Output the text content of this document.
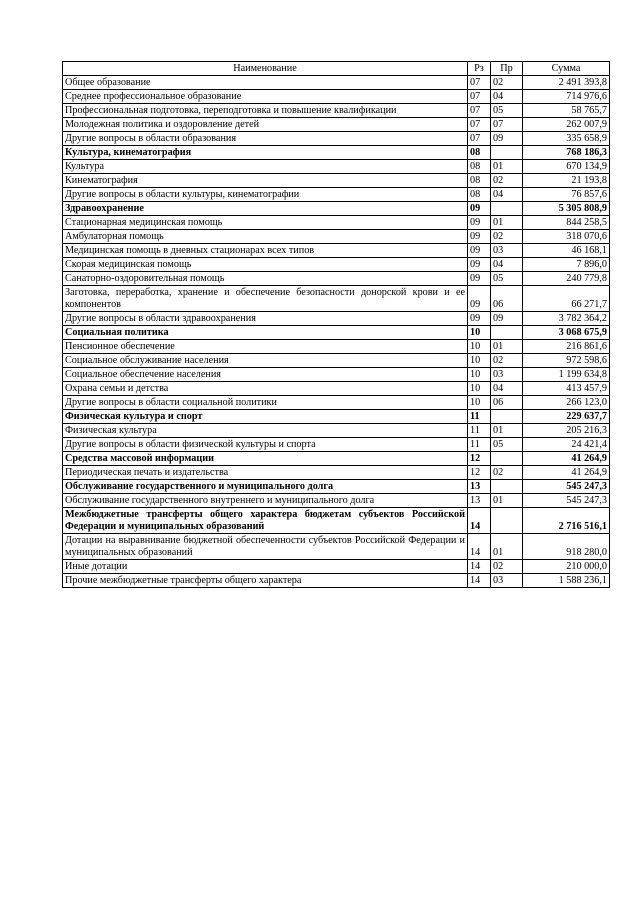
Наименование	Рз	Пр	Сумма
Общее образование	07	02	2 491 393,8
Среднее профессиональное образование	07	04	714 976,6
Профессиональная подготовка, переподготовка и повышение квалификации	07	05	58 765,7
Молодежная политика и оздоровление детей	07	07	262 007,9
Другие вопросы в области образования	07	09	335 658,9
Культура, кинематография	08		768 186,3
Культура	08	01	670 134,9
Кинематография	08	02	21 193,8
Другие вопросы в области культуры, кинематографии	08	04	76 857,6
Здравоохранение	09		5 305 808,9
Стационарная медицинская помощь	09	01	844 258,5
Амбулаторная помощь	09	02	318 070,6
Медицинская помощь в дневных стационарах всех типов	09	03	46 168,1
Скорая медицинская помощь	09	04	7 896,0
Санаторно-оздоровительная помощь	09	05	240 779,8
Заготовка, переработка, хранение и обеспечение безопасности донорской крови и ее компонентов	09	06	66 271,7
Другие вопросы в области здравоохранения	09	09	3 782 364,2
Социальная политика	10		3 068 675,9
Пенсионное обеспечение	10	01	216 861,6
Социальное обслуживание населения	10	02	972 598,6
Социальное обеспечение населения	10	03	1 199 634,8
Охрана семьи и детства	10	04	413 457,9
Другие вопросы в области социальной политики	10	06	266 123,0
Физическая культура и спорт	11		229 637,7
Физическая культура	11	01	205 216,3
Другие вопросы в области физической культуры и спорта	11	05	24 421,4
Средства массовой информации	12		41 264,9
Периодическая печать и издательства	12	02	41 264,9
Обслуживание государственного и муниципального долга	13		545 247,3
Обслуживание государственного внутреннего и муниципального долга	13	01	545 247,3
Межбюджетные трансферты общего характера бюджетам субъектов Российской Федерации и муниципальных образований	14		2 716 516,1
Дотации на выравнивание бюджетной обеспеченности субъектов Российской Федерации и муниципальных образований	14	01	918 280,0
Иные дотации	14	02	210 000,0
Прочие межбюджетные трансферты общего характера	14	03	1 588 236,1
